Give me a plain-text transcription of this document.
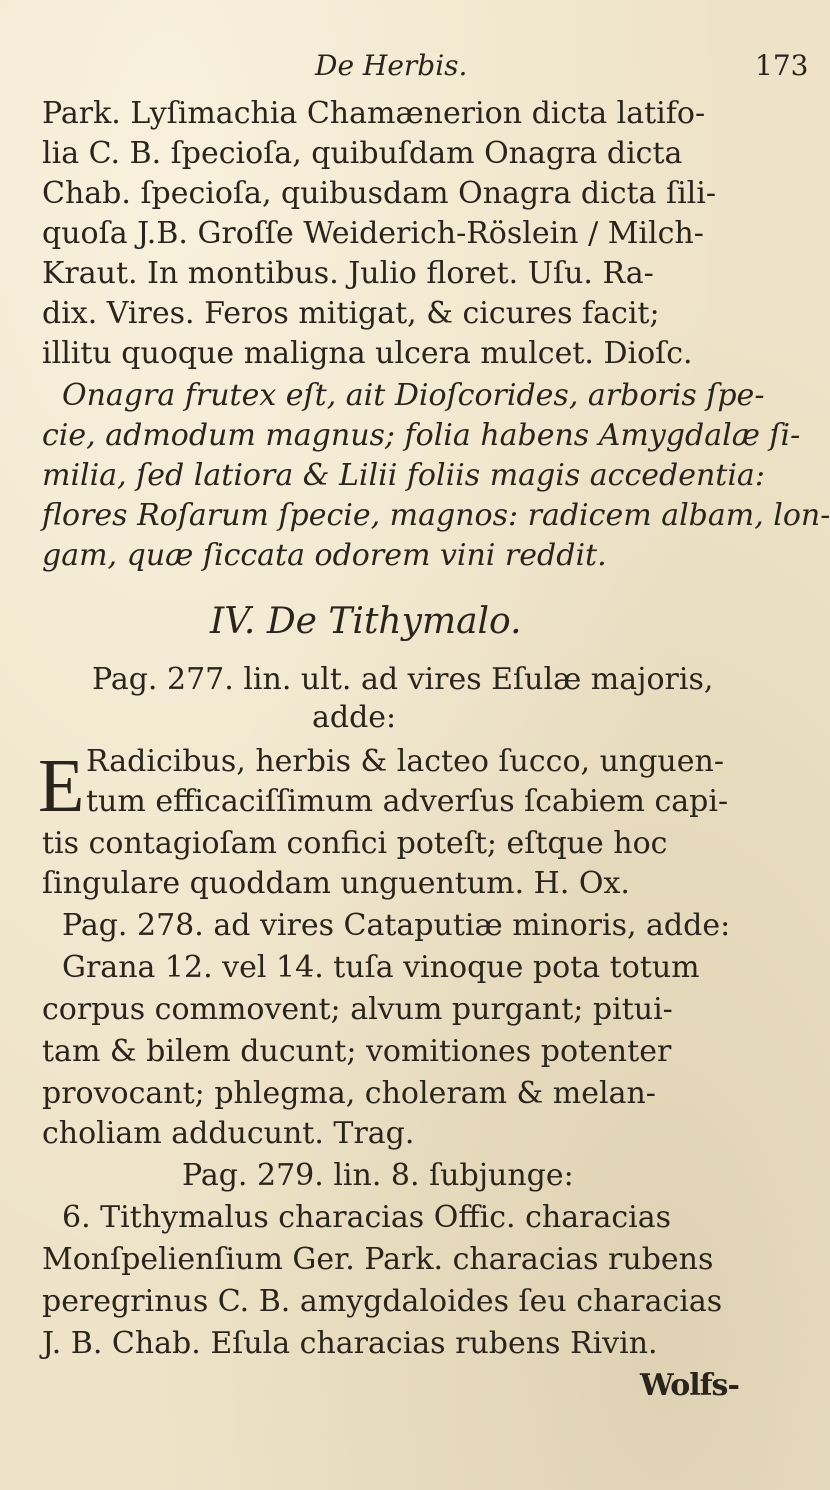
De Herbis.	173
Park. Lyſimachia Chamænerion dicta latifo-
lia C. B. ſpecioſa, quibuſdam Onagra dicta
Chab. ſpecioſa, quibusdam Onagra dicta ſili-
quoſa J.B. Groſſe Weiderich-Röslein / Milch-
Kraut. In montibus. Julio floret. Uſu. Ra-
dix. Vires. Feros mitigat, & cicures facit;
illitu quoque maligna ulcera mulcet. Dioſc.
Onagra frutex eſt, ait Dioſcorides, arboris ſpe-
cie, admodum magnus; folia habens Amygdalæ ſi-
milia, ſed latiora & Lilii foliis magis accedentia:
flores Roſarum ſpecie, magnos: radicem albam, lon-
gam, quæ ſiccata odorem vini reddit.
IV. De Tithymalo.
Pag. 277. lin. ult. ad vires Eſulæ majoris,
adde:
E Radicibus, herbis & lacteo ſucco, unguen-
tum efficaciſſimum adverſus ſcabiem capi-
tis contagioſam confici poteſt; eſtque hoc
ſingulare quoddam unguentum. H. Ox.
Pag. 278. ad vires Cataputiæ minoris, adde:
Grana 12. vel 14. tuſa vinoque pota totum
corpus commovent; alvum purgant; pitui-
tam & bilem ducunt; vomitiones potenter
provocant; phlegma, choleram & melan-
choliam adducunt. Trag.
Pag. 279. lin. 8. ſubjunge:
6. Tithymalus characias Offic. characias
Monſpelienſium Ger. Park. characias rubens
peregrinus C. B. amygdaloides ſeu characias
J. B. Chab. Eſula characias rubens Rivin.
Wolfs-
